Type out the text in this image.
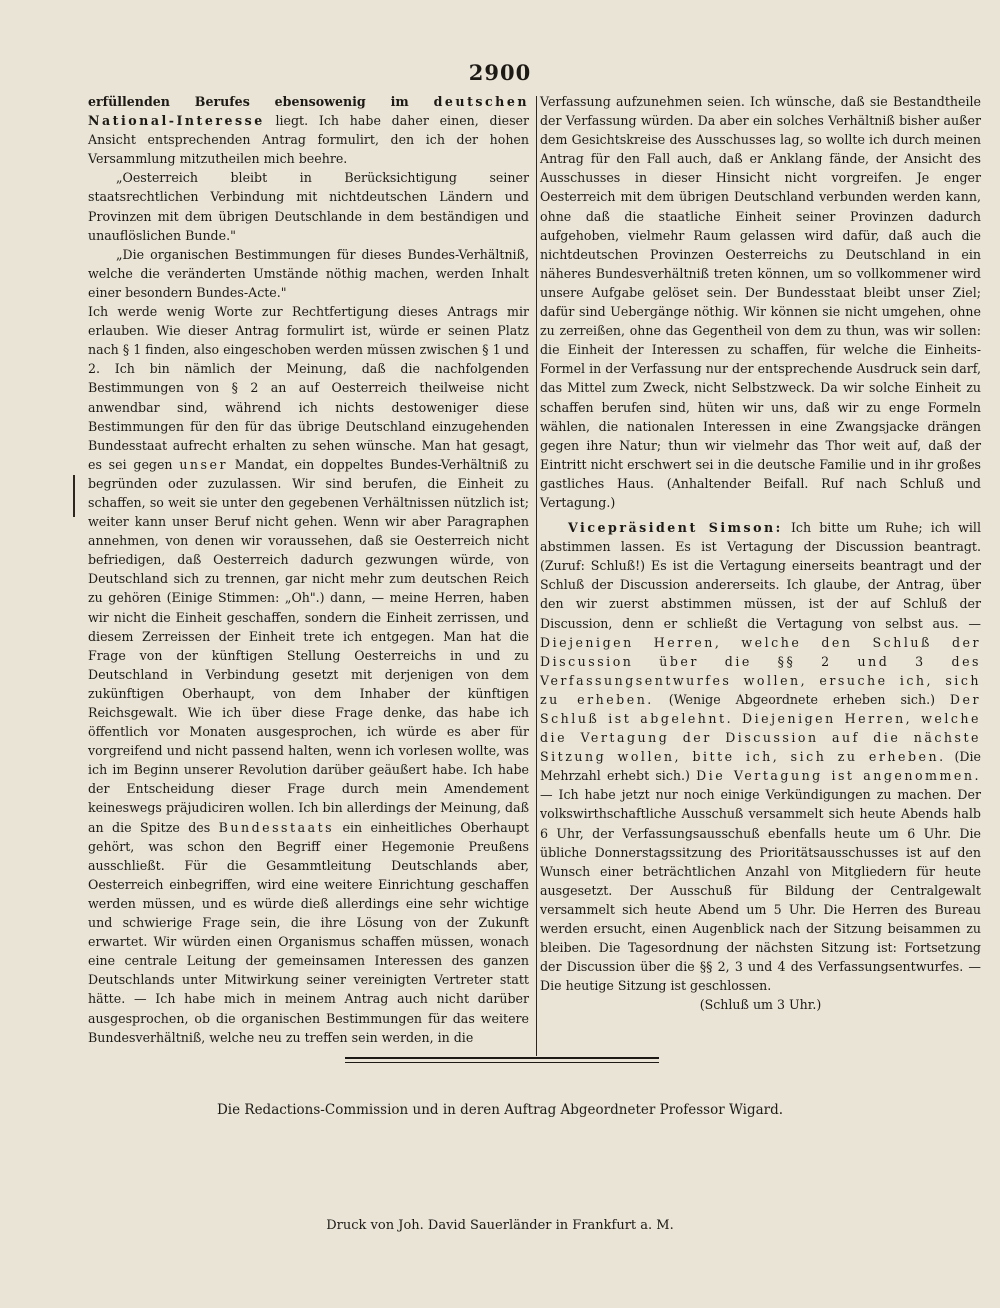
2900

erfüllenden Berufes ebensowenig im deutschen National-Interesse liegt. Ich habe daher einen, dieser Ansicht entsprechenden Antrag formulirt, den ich der hohen Versammlung mitzutheilen mich beehre.

„Oesterreich bleibt in Berücksichtigung seiner staatsrechtlichen Verbindung mit nichtdeutschen Ländern und Provinzen mit dem übrigen Deutschlande in dem beständigen und unauflöslichen Bunde."

„Die organischen Bestimmungen für dieses Bundes-Verhältniß, welche die veränderten Umstände nöthig machen, werden Inhalt einer besondern Bundes-Acte."

Ich werde wenig Worte zur Rechtfertigung dieses Antrags mir erlauben. Wie dieser Antrag formulirt ist, würde er seinen Platz nach § 1 finden, also eingeschoben werden müssen zwischen § 1 und 2. Ich bin nämlich der Meinung, daß die nachfolgenden Bestimmungen von § 2 an auf Oesterreich theilweise nicht anwendbar sind, während ich nichts destoweniger diese Bestimmungen für den für das übrige Deutschland einzugehenden Bundesstaat aufrecht erhalten zu sehen wünsche. Man hat gesagt, es sei gegen unser Mandat, ein doppeltes Bundes-Verhältniß zu begründen oder zuzulassen. Wir sind berufen, die Einheit zu schaffen, so weit sie unter den gegebenen Verhältnissen nützlich ist; weiter kann unser Beruf nicht gehen. Wenn wir aber Paragraphen annehmen, von denen wir voraussehen, daß sie Oesterreich nicht befriedigen, daß Oesterreich dadurch gezwungen würde, von Deutschland sich zu trennen, gar nicht mehr zum deutschen Reich zu gehören (Einige Stimmen: „Oh".) dann, — meine Herren, haben wir nicht die Einheit geschaffen, sondern die Einheit zerrissen, und diesem Zerreissen der Einheit trete ich entgegen. Man hat die Frage von der künftigen Stellung Oesterreichs in und zu Deutschland in Verbindung gesetzt mit derjenigen von dem zukünftigen Oberhaupt, von dem Inhaber der künftigen Reichsgewalt. Wie ich über diese Frage denke, das habe ich öffentlich vor Monaten ausgesprochen, ich würde es aber für vorgreifend und nicht passend halten, wenn ich vorlesen wollte, was ich im Beginn unserer Revolution darüber geäußert habe. Ich habe der Entscheidung dieser Frage durch mein Amendement keineswegs präjudiciren wollen. Ich bin allerdings der Meinung, daß an die Spitze des Bundesstaats ein einheitliches Oberhaupt gehört, was schon den Begriff einer Hegemonie Preußens ausschließt. Für die Gesammtleitung Deutschlands aber, Oesterreich einbegriffen, wird eine weitere Einrichtung geschaffen werden müssen, und es würde dieß allerdings eine sehr wichtige und schwierige Frage sein, die ihre Lösung von der Zukunft erwartet. Wir würden einen Organismus schaffen müssen, wonach eine centrale Leitung der gemeinsamen Interessen des ganzen Deutschlands unter Mitwirkung seiner vereinigten Vertreter statt hätte. — Ich habe mich in meinem Antrag auch nicht darüber ausgesprochen, ob die organischen Bestimmungen für das weitere Bundesverhältniß, welche neu zu treffen sein werden, in die

Verfassung aufzunehmen seien. Ich wünsche, daß sie Bestandtheile der Verfassung würden. Da aber ein solches Verhältniß bisher außer dem Gesichtskreise des Ausschusses lag, so wollte ich durch meinen Antrag für den Fall auch, daß er Anklang fände, der Ansicht des Ausschusses in dieser Hinsicht nicht vorgreifen. Je enger Oesterreich mit dem übrigen Deutschland verbunden werden kann, ohne daß die staatliche Einheit seiner Provinzen dadurch aufgehoben, vielmehr Raum gelassen wird dafür, daß auch die nichtdeutschen Provinzen Oesterreichs zu Deutschland in ein näheres Bundesverhältniß treten können, um so vollkommener wird unsere Aufgabe gelöset sein. Der Bundesstaat bleibt unser Ziel; dafür sind Uebergänge nöthig. Wir können sie nicht umgehen, ohne zu zerreißen, ohne das Gegentheil von dem zu thun, was wir sollen: die Einheit der Interessen zu schaffen, für welche die Einheits-Formel in der Verfassung nur der entsprechende Ausdruck sein darf, das Mittel zum Zweck, nicht Selbstzweck. Da wir solche Einheit zu schaffen berufen sind, hüten wir uns, daß wir zu enge Formeln wählen, die nationalen Interessen in eine Zwangsjacke drängen gegen ihre Natur; thun wir vielmehr das Thor weit auf, daß der Eintritt nicht erschwert sei in die deutsche Familie und in ihr großes gastliches Haus. (Anhaltender Beifall. Ruf nach Schluß und Vertagung.)

Vicepräsident Simson: Ich bitte um Ruhe; ich will abstimmen lassen. Es ist Vertagung der Discussion beantragt. (Zuruf: Schluß!) Es ist die Vertagung einerseits beantragt und der Schluß der Discussion andererseits. Ich glaube, der Antrag, über den wir zuerst abstimmen müssen, ist der auf Schluß der Discussion, denn er schließt die Vertagung von selbst aus. — Diejenigen Herren, welche den Schluß der Discussion über die §§ 2 und 3 des Verfassungsentwurfes wollen, ersuche ich, sich zu erheben. (Wenige Abgeordnete erheben sich.) Der Schluß ist abgelehnt. Diejenigen Herren, welche die Vertagung der Discussion auf die nächste Sitzung wollen, bitte ich, sich zu erheben. (Die Mehrzahl erhebt sich.) Die Vertagung ist angenommen. — Ich habe jetzt nur noch einige Verkündigungen zu machen. Der volkswirthschaftliche Ausschuß versammelt sich heute Abends halb 6 Uhr, der Verfassungsausschuß ebenfalls heute um 6 Uhr. Die übliche Donnerstagssitzung des Prioritätsausschusses ist auf den Wunsch einer beträchtlichen Anzahl von Mitgliedern für heute ausgesetzt. Der Ausschuß für Bildung der Centralgewalt versammelt sich heute Abend um 5 Uhr. Die Herren des Bureau werden ersucht, einen Augenblick nach der Sitzung beisammen zu bleiben. Die Tagesordnung der nächsten Sitzung ist: Fortsetzung der Discussion über die §§ 2, 3 und 4 des Verfassungsentwurfes. — Die heutige Sitzung ist geschlossen.

(Schluß um 3 Uhr.)

Die Redactions-Commission und in deren Auftrag Abgeordneter Professor Wigard.
Druck von Joh. David Sauerländer in Frankfurt a. M.
